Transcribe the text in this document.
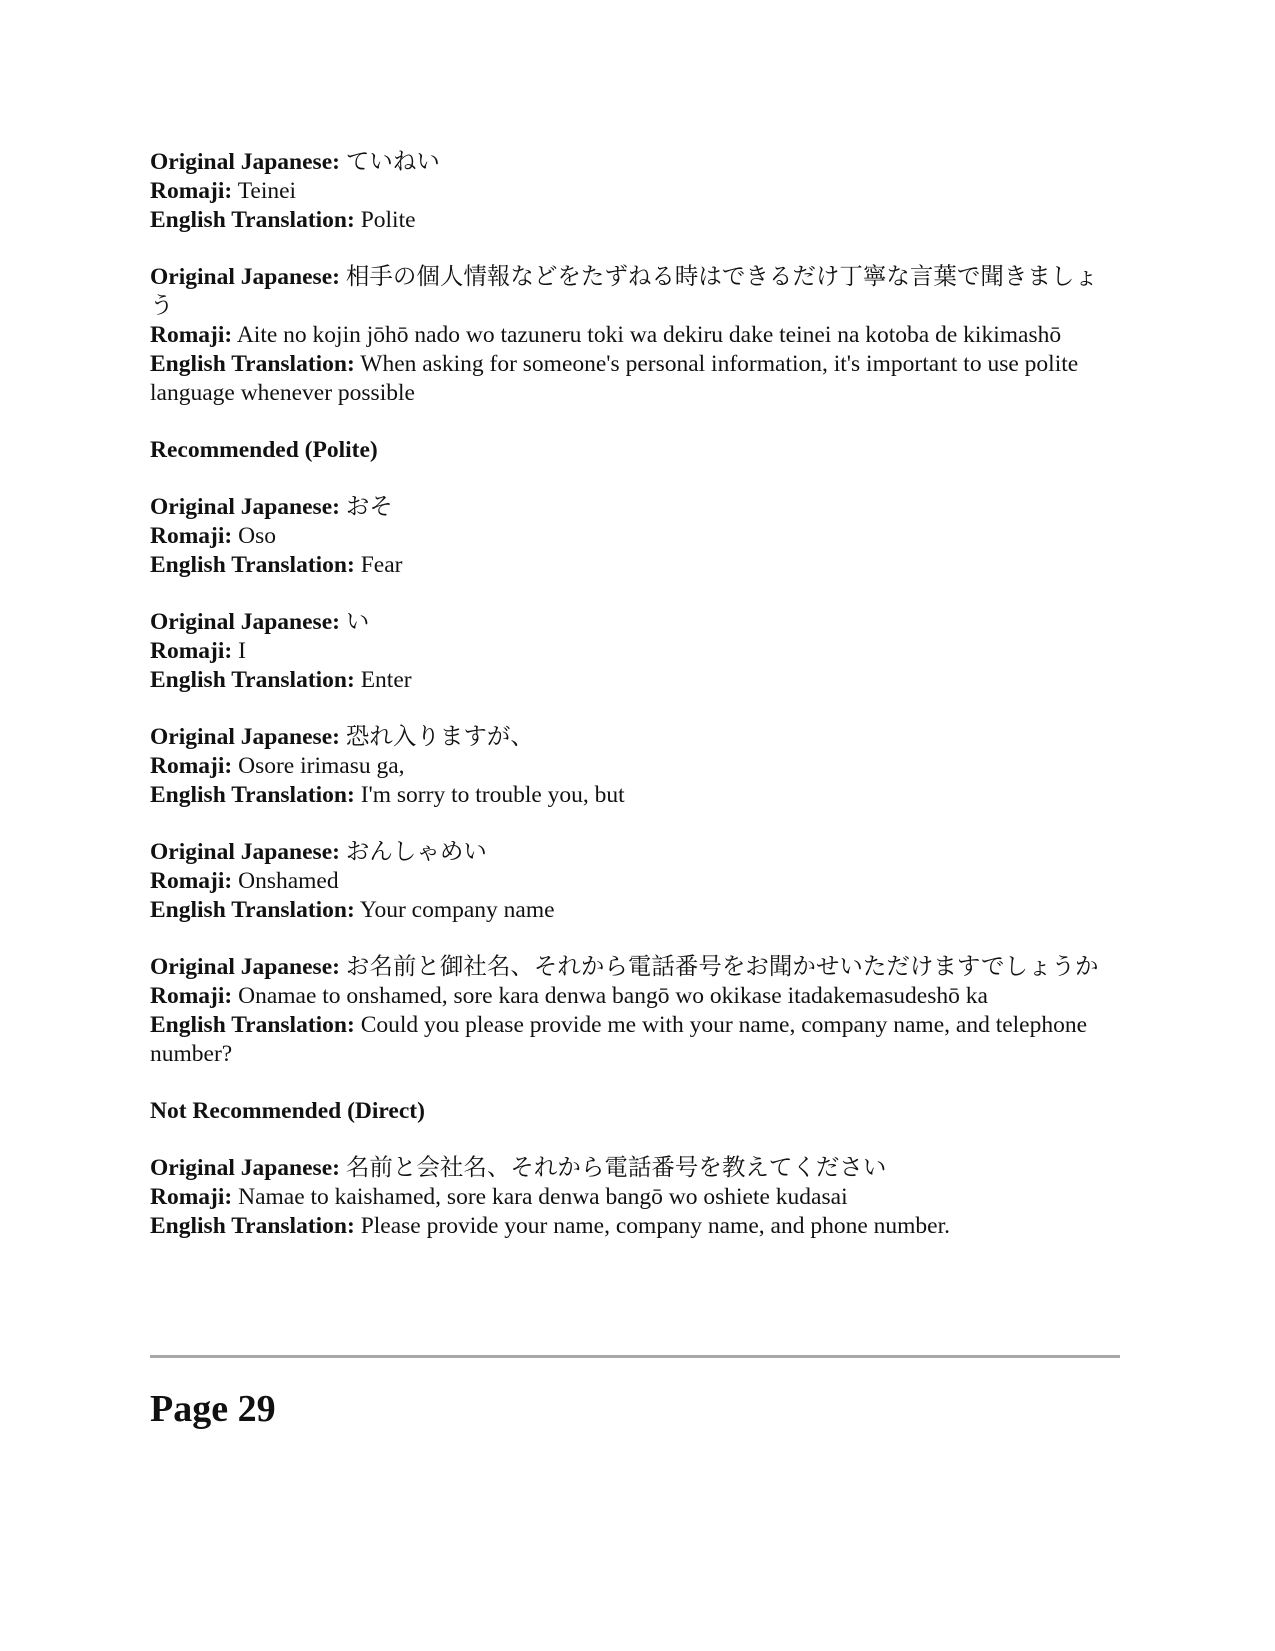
Original Japanese: ていねい
Romaji: Teinei
English Translation: Polite
Original Japanese: 相手の個人情報などをたずねる時はできるだけ丁寧な言葉で聞きましょう
Romaji: Aite no kojin jōhō nado wo tazuneru toki wa dekiru dake teinei na kotoba de kikimashō
English Translation: When asking for someone's personal information, it's important to use polite language whenever possible
Recommended (Polite)
Original Japanese: おそ
Romaji: Oso
English Translation: Fear
Original Japanese: い
Romaji: I
English Translation: Enter
Original Japanese: 恐れ入りますが、
Romaji: Osore irimasu ga,
English Translation: I'm sorry to trouble you, but
Original Japanese: おんしゃめい
Romaji: Onshamed
English Translation: Your company name
Original Japanese: お名前と御社名、それから電話番号をお聞かせいただけますでしょうか
Romaji: Onamae to onshamed, sore kara denwa bangō wo okikase itadakemasudeshō ka
English Translation: Could you please provide me with your name, company name, and telephone number?
Not Recommended (Direct)
Original Japanese: 名前と会社名、それから電話番号を教えてください
Romaji: Namae to kaishamed, sore kara denwa bangō wo oshiete kudasai
English Translation: Please provide your name, company name, and phone number.
Page 29
